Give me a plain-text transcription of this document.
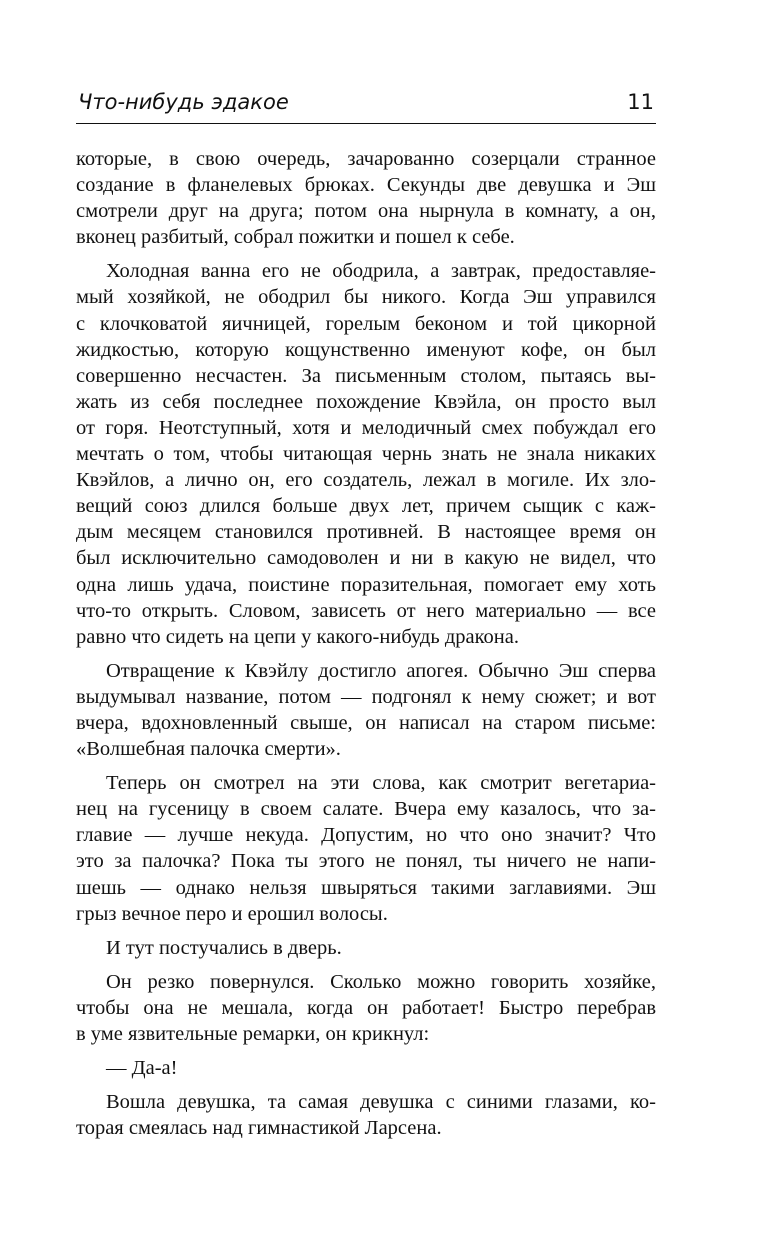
Что-нибудь эдакое	11
которые, в свою очередь, зачарованно созерцали странное
создание в фланелевых брюках. Секунды две девушка и Эш
смотрели друг на друга; потом она нырнула в комнату, а он,
вконец разбитый, собрал пожитки и пошел к себе.
Холодная ванна его не ободрила, а завтрак, предоставляе-
мый хозяйкой, не ободрил бы никого. Когда Эш управился
с клочковатой яичницей, горелым беконом и той цикорной
жидкостью, которую кощунственно именуют кофе, он был
совершенно несчастен. За письменным столом, пытаясь вы-
жать из себя последнее похождение Квэйла, он просто выл
от горя. Неотступный, хотя и мелодичный смех побуждал его
мечтать о том, чтобы читающая чернь знать не знала никаких
Квэйлов, а лично он, его создатель, лежал в могиле. Их зло-
вещий союз длился больше двух лет, причем сыщик с каж-
дым месяцем становился противней. В настоящее время он
был исключительно самодоволен и ни в какую не видел, что
одна лишь удача, поистине поразительная, помогает ему хоть
что-то открыть. Словом, зависеть от него материально — все
равно что сидеть на цепи у какого-нибудь дракона.
Отвращение к Квэйлу достигло апогея. Обычно Эш сперва
выдумывал название, потом — подгонял к нему сюжет; и вот
вчера, вдохновленный свыше, он написал на старом письме:
«Волшебная палочка смерти».
Теперь он смотрел на эти слова, как смотрит вегетариа-
нец на гусеницу в своем салате. Вчера ему казалось, что за-
главие — лучше некуда. Допустим, но что оно значит? Что
это за палочка? Пока ты этого не понял, ты ничего не напи-
шешь — однако нельзя швыряться такими заглавиями. Эш
грыз вечное перо и ерошил волосы.
И тут постучались в дверь.
Он резко повернулся. Сколько можно говорить хозяйке,
чтобы она не мешала, когда он работает! Быстро перебрав
в уме язвительные ремарки, он крикнул:
— Да-а!
Вошла девушка, та самая девушка с синими глазами, ко-
торая смеялась над гимнастикой Ларсена.
